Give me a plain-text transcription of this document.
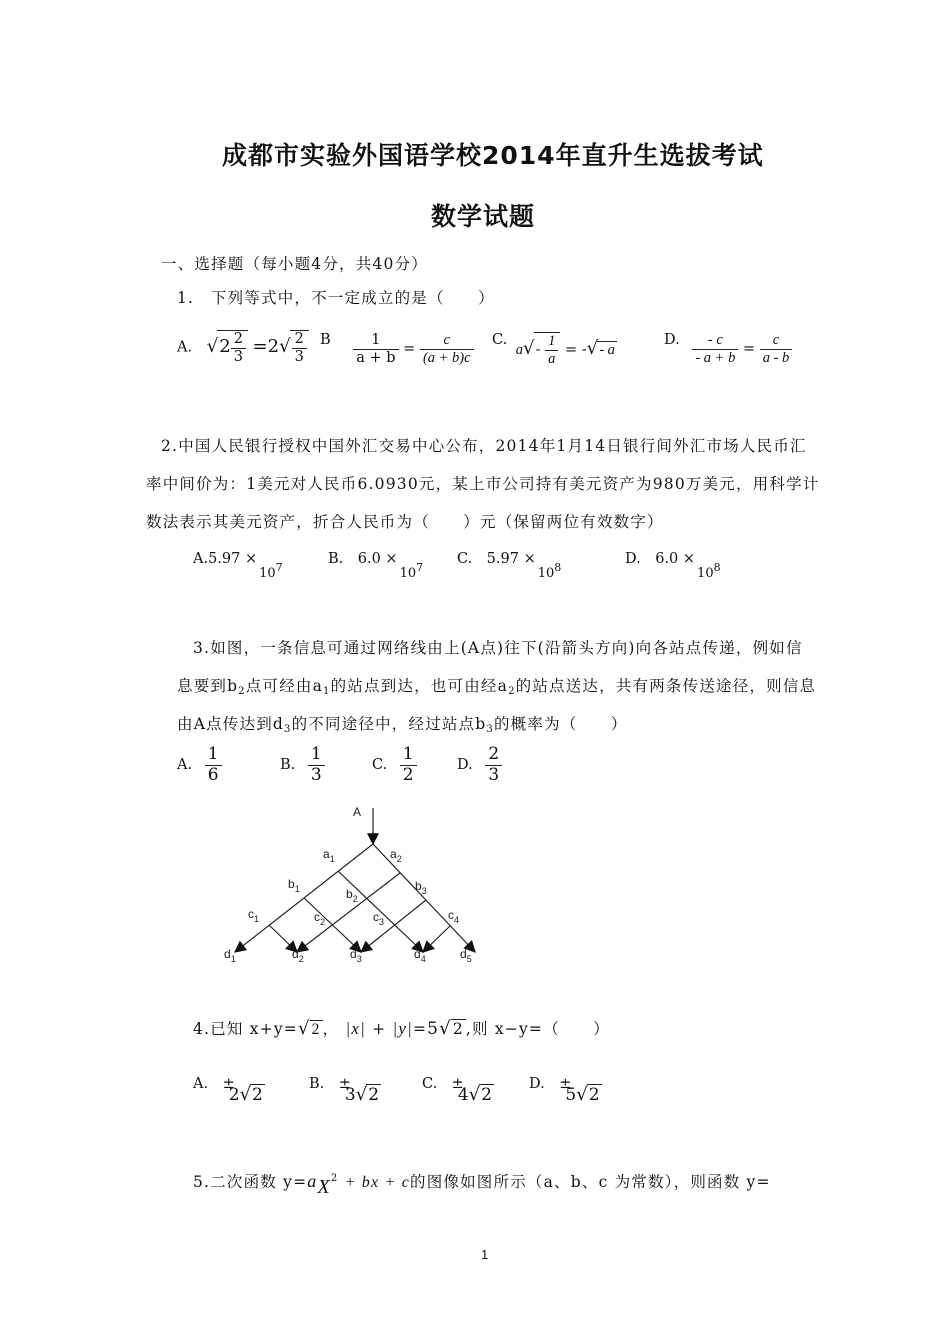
成都市实验外国语学校2014年直升生选拔考试
数学试题
一、选择题（每小题4分，共40分）
1.　下列等式中，不一定成立的是（　　）
A. $√2 \frac{2}{3} =2√ \frac{2}{3}$ B $\frac{1}{a + b} = \frac{c}{(a + b)c} C$. $a√- \frac{1}{a}$ = -√- a
D. $\frac{- c}{- a + b} = \frac{c}{a - b}$
2.中国人民银行授权中国外汇交易中心公布，2014年1月14日银行间外汇市场人民币汇
率中间价为：1美元对人民币6.0930元，某上市公司持有美元资产为980万美元，用科学计
数法表示其美元资产，折合人民币为（　　）元（保留两位有效数字）
$A.5.97 \times 10^7$
B.　$6.0 \times 10^7$
C.　$5.97 \times 10^8$
D.　$6.0 \times 10^8$
3.如图，一条信息可通过网络线由上(A点)往下(沿箭头方向)向各站点传递，例如信
息要到$b_2$点可经由$a_1$的站点到达，也可由经$a_2$的站点送达，共有两条传送途径，则信息
由A点传达到$d_3$的不同途径中，经过站点$b_3$的概率为（　　）
A. $\frac{1}{6}$	B. $\frac{1}{3}$	C. $\frac{1}{2}$	D. $\frac{2}{3}$
A
$a_1$	$a_2$
$b_1$	$b_2$
$b_3$
$c_1$	$c_2$	$c_3$	$c_4$
$d_1$	$d_2$	$d_3$	$d_4$	$d_5$
4.已知 x+y=√2 ， |x| + |y|=5√2 ,则 x−y=（　　）
A.　±2√2
B.　±3√2
C.　±4√2
D.　±5√2
5.二次函数 $y=aX^2$ + bx + c的图像如图所示（a、b、c 为常数），则函数 y=
1
